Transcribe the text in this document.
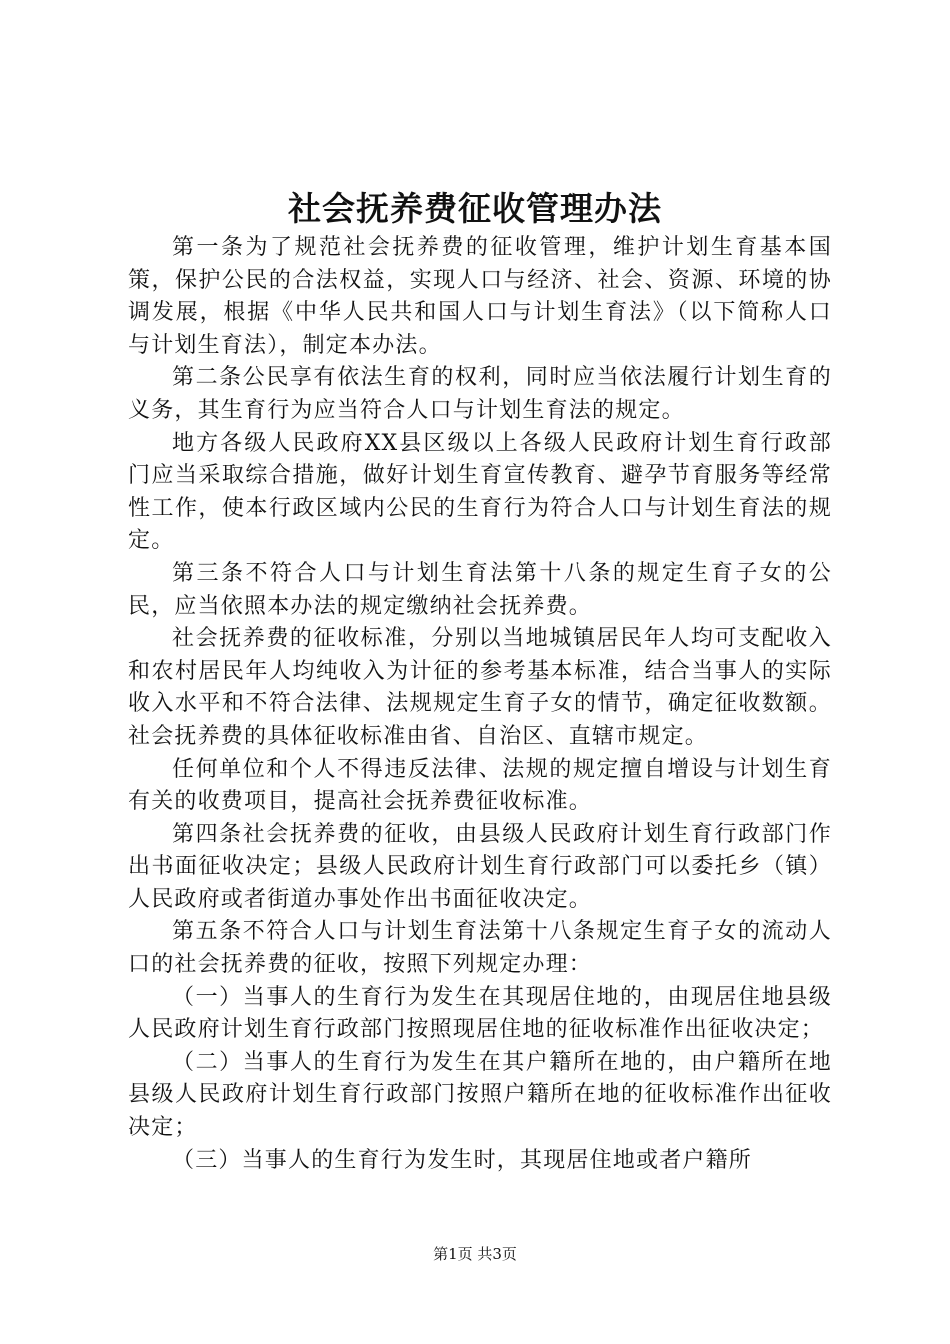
社会抚养费征收管理办法

第一条为了规范社会抚养费的征收管理，维护计划生育基本国策，保护公民的合法权益，实现人口与经济、社会、资源、环境的协调发展，根据《中华人民共和国人口与计划生育法》（以下简称人口与计划生育法），制定本办法。

第二条公民享有依法生育的权利，同时应当依法履行计划生育的义务，其生育行为应当符合人口与计划生育法的规定。

地方各级人民政府XX县区级以上各级人民政府计划生育行政部门应当采取综合措施，做好计划生育宣传教育、避孕节育服务等经常性工作，使本行政区域内公民的生育行为符合人口与计划生育法的规定。

第三条不符合人口与计划生育法第十八条的规定生育子女的公民，应当依照本办法的规定缴纳社会抚养费。

社会抚养费的征收标准，分别以当地城镇居民年人均可支配收入和农村居民年人均纯收入为计征的参考基本标准，结合当事人的实际收入水平和不符合法律、法规规定生育子女的情节，确定征收数额。社会抚养费的具体征收标准由省、自治区、直辖市规定。

任何单位和个人不得违反法律、法规的规定擅自增设与计划生育有关的收费项目，提高社会抚养费征收标准。

第四条社会抚养费的征收，由县级人民政府计划生育行政部门作出书面征收决定；县级人民政府计划生育行政部门可以委托乡（镇）人民政府或者街道办事处作出书面征收决定。

第五条不符合人口与计划生育法第十八条规定生育子女的流动人口的社会抚养费的征收，按照下列规定办理：

（一）当事人的生育行为发生在其现居住地的，由现居住地县级人民政府计划生育行政部门按照现居住地的征收标准作出征收决定；

（二）当事人的生育行为发生在其户籍所在地的，由户籍所在地县级人民政府计划生育行政部门按照户籍所在地的征收标准作出征收决定；

（三）当事人的生育行为发生时，其现居住地或者户籍所

第1页 共3页
